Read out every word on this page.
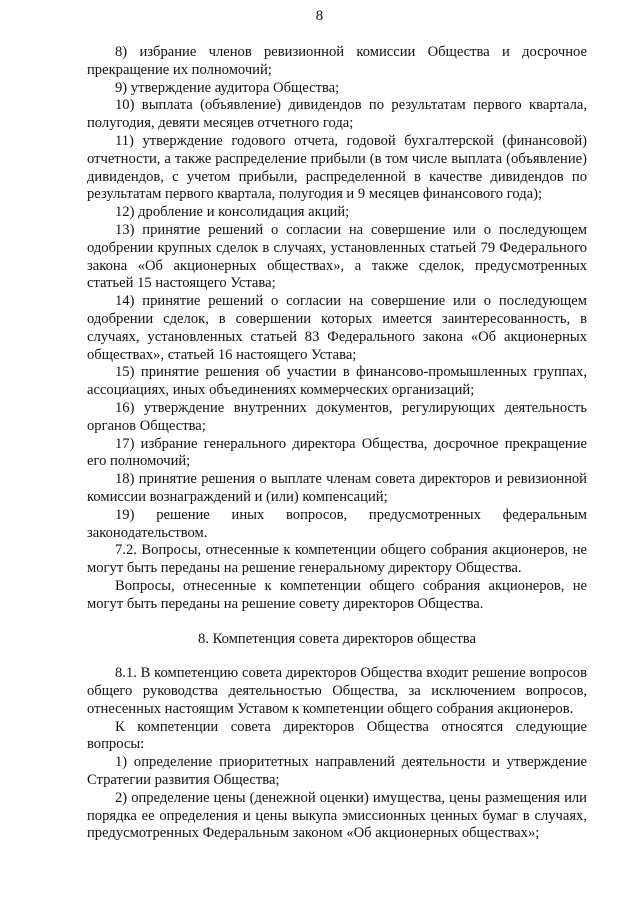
8

8) избрание членов ревизионной комиссии Общества и досрочное прекращение их полномочий;

9) утверждение аудитора Общества;

10) выплата (объявление) дивидендов по результатам первого квартала, полугодия, девяти месяцев отчетного года;

11) утверждение годового отчета, годовой бухгалтерской (финансовой) отчетности, а также распределение прибыли (в том числе выплата (объявление) дивидендов, с учетом прибыли, распределенной в качестве дивидендов по результатам первого квартала, полугодия и 9 месяцев финансового года);

12) дробление и консолидация акций;

13) принятие решений о согласии на совершение или о последующем одобрении крупных сделок в случаях, установленных статьей 79 Федерального закона «Об акционерных обществах», а также сделок, предусмотренных статьей 15 настоящего Устава;

14) принятие решений о согласии на совершение или о последующем одобрении сделок, в совершении которых имеется заинтересованность, в случаях, установленных статьей 83 Федерального закона «Об акционерных обществах», статьей 16 настоящего Устава;

15) принятие решения об участии в финансово-промышленных группах, ассоциациях, иных объединениях коммерческих организаций;

16) утверждение внутренних документов, регулирующих деятельность органов Общества;

17) избрание генерального директора Общества, досрочное прекращение его полномочий;

18) принятие решения о выплате членам совета директоров и ревизионной комиссии вознаграждений и (или) компенсаций;

19) решение иных вопросов, предусмотренных федеральным законодательством.

7.2. Вопросы, отнесенные к компетенции общего собрания акционеров, не могут быть переданы на решение генеральному директору Общества.

Вопросы, отнесенные к компетенции общего собрания акционеров, не могут быть переданы на решение совету директоров Общества.

8. Компетенция совета директоров общества

8.1. В компетенцию совета директоров Общества входит решение вопросов общего руководства деятельностью Общества, за исключением вопросов, отнесенных настоящим Уставом к компетенции общего собрания акционеров.

К компетенции совета директоров Общества относятся следующие вопросы:

1) определение приоритетных направлений деятельности и утверждение Стратегии развития Общества;

2) определение цены (денежной оценки) имущества, цены размещения или порядка ее определения и цены выкупа эмиссионных ценных бумаг в случаях, предусмотренных Федеральным законом «Об акционерных обществах»;
